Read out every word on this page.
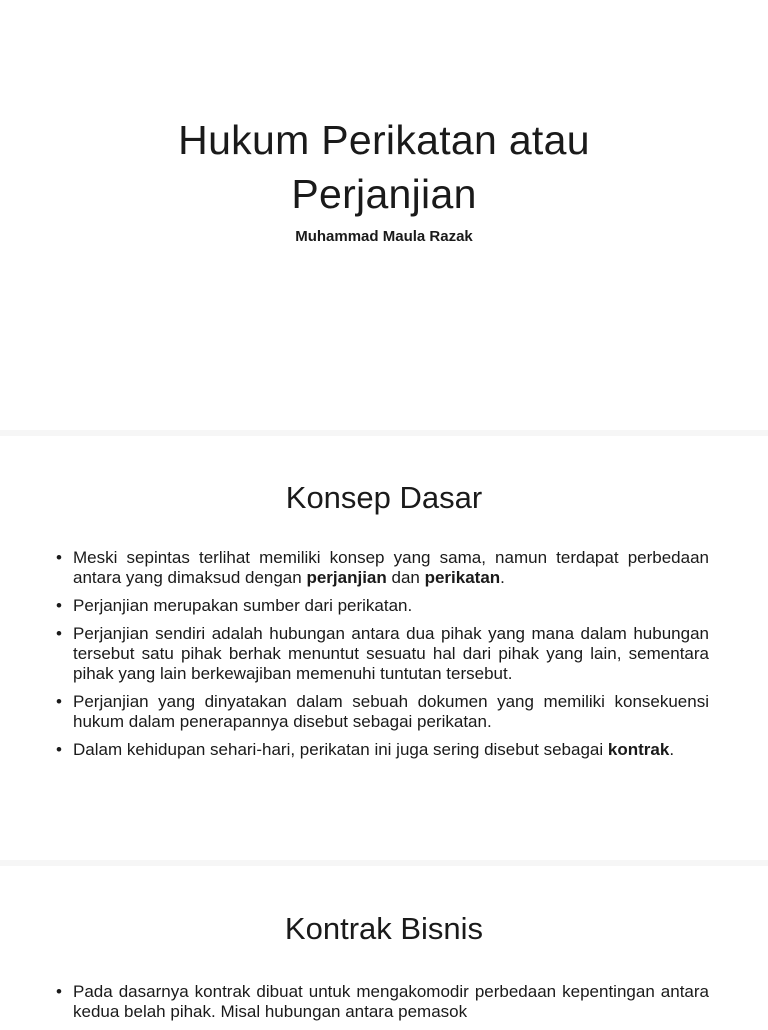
Hukum Perikatan atau
Perjanjian
Muhammad Maula Razak
Konsep Dasar
• Meski sepintas terlihat memiliki konsep yang sama, namun terdapat perbedaan antara yang dimaksud dengan perjanjian dan perikatan.
• Perjanjian merupakan sumber dari perikatan.
• Perjanjian sendiri adalah hubungan antara dua pihak yang mana dalam hubungan tersebut satu pihak berhak menuntut sesuatu hal dari pihak yang lain, sementara pihak yang lain berkewajiban memenuhi tuntutan tersebut.
• Perjanjian yang dinyatakan dalam sebuah dokumen yang memiliki konsekuensi hukum dalam penerapannya disebut sebagai perikatan.
• Dalam kehidupan sehari-hari, perikatan ini juga sering disebut sebagai kontrak.
Kontrak Bisnis
• Pada dasarnya kontrak dibuat untuk mengakomodir perbedaan kepentingan antara kedua belah pihak. Misal hubungan antara pemasok
